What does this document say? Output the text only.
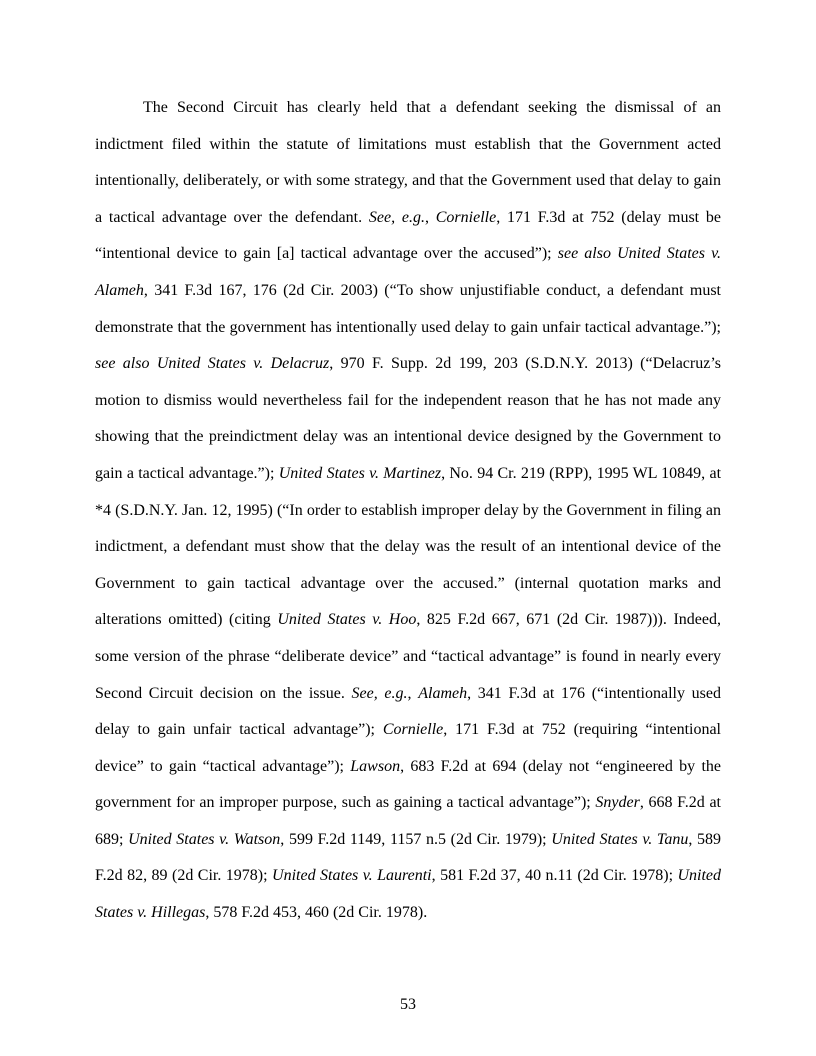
The Second Circuit has clearly held that a defendant seeking the dismissal of an indictment filed within the statute of limitations must establish that the Government acted intentionally, deliberately, or with some strategy, and that the Government used that delay to gain a tactical advantage over the defendant. See, e.g., Cornielle, 171 F.3d at 752 (delay must be “intentional device to gain [a] tactical advantage over the accused”); see also United States v. Alameh, 341 F.3d 167, 176 (2d Cir. 2003) (“To show unjustifiable conduct, a defendant must demonstrate that the government has intentionally used delay to gain unfair tactical advantage.”); see also United States v. Delacruz, 970 F. Supp. 2d 199, 203 (S.D.N.Y. 2013) (“Delacruz’s motion to dismiss would nevertheless fail for the independent reason that he has not made any showing that the preindictment delay was an intentional device designed by the Government to gain a tactical advantage.”); United States v. Martinez, No. 94 Cr. 219 (RPP), 1995 WL 10849, at *4 (S.D.N.Y. Jan. 12, 1995) (“In order to establish improper delay by the Government in filing an indictment, a defendant must show that the delay was the result of an intentional device of the Government to gain tactical advantage over the accused.” (internal quotation marks and alterations omitted) (citing United States v. Hoo, 825 F.2d 667, 671 (2d Cir. 1987))). Indeed, some version of the phrase “deliberate device” and “tactical advantage” is found in nearly every Second Circuit decision on the issue. See, e.g., Alameh, 341 F.3d at 176 (“intentionally used delay to gain unfair tactical advantage”); Cornielle, 171 F.3d at 752 (requiring “intentional device” to gain “tactical advantage”); Lawson, 683 F.2d at 694 (delay not “engineered by the government for an improper purpose, such as gaining a tactical advantage”); Snyder, 668 F.2d at 689; United States v. Watson, 599 F.2d 1149, 1157 n.5 (2d Cir. 1979); United States v. Tanu, 589 F.2d 82, 89 (2d Cir. 1978); United States v. Laurenti, 581 F.2d 37, 40 n.11 (2d Cir. 1978); United States v. Hillegas, 578 F.2d 453, 460 (2d Cir. 1978).

53
